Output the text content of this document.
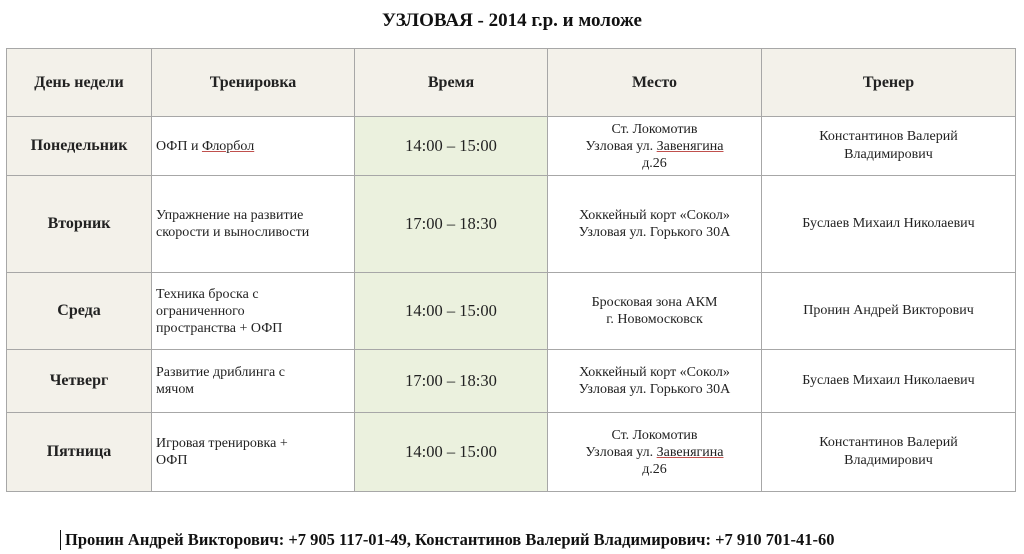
УЗЛОВАЯ - 2014 г.р. и моложе
День недели	Тренировка	Время	Место	Тренер
Понедельник	ОФП и Флорбол	14:00 – 15:00	Ст. Локомотив
Узловая ул. Завенягина
д.26	Константинов Валерий
Владимирович

Вторник	Упражнение на развитие
скорости и выносливости	17:00 – 18:30	Хоккейный корт «Сокол»
Узловая ул. Горького 30А	Буслаев Михаил Николаевич

Среда	Техника броска с
ограниченного
пространства + ОФП	14:00 – 15:00	Бросковая зона АКМ
г. Новомосковск	Пронин Андрей Викторович

Четверг	Развитие дриблинга с
мячом	17:00 – 18:30	Хоккейный корт «Сокол»
Узловая ул. Горького 30А	Буслаев Михаил Николаевич

Пятница	Игровая тренировка +
ОФП	14:00 – 15:00	Ст. Локомотив
Узловая ул. Завенягина
д.26	Константинов Валерий
Владимирович
Пронин Андрей Викторович: +7 905 117-01-49, Константинов Валерий Владимирович: +7 910 701-41-60
